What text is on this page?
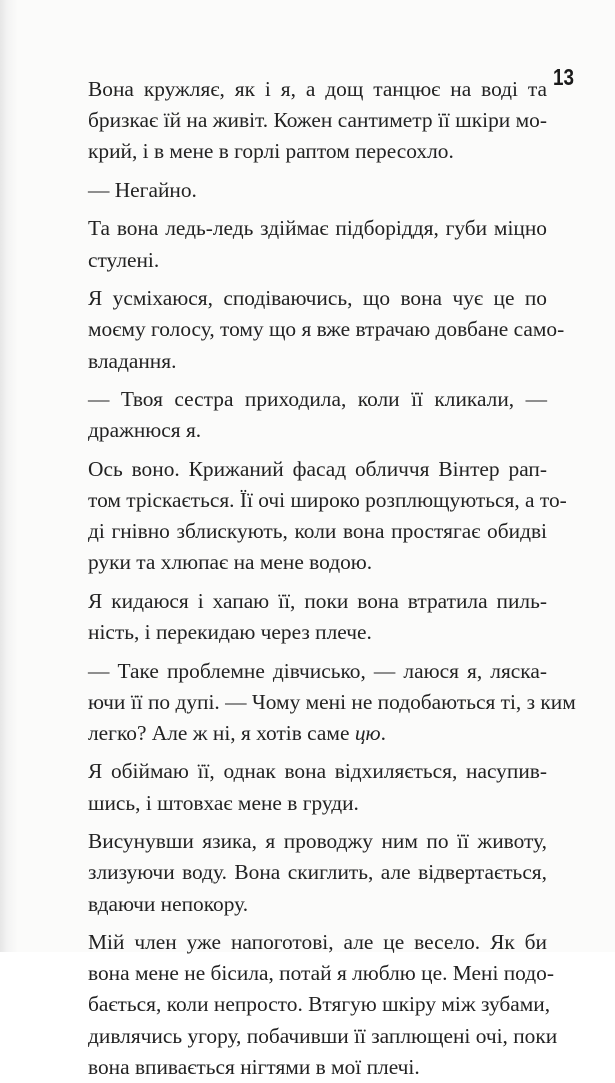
13

Вона кружляє, як і я, а дощ танцює на воді та
бризкає їй на живіт. Кожен сантиметр її шкіри мо-
крий, і в мене в горлі раптом пересохло.

— Негайно.

Та вона ледь-ледь здіймає підборіддя, губи міцно
стулені.

Я усміхаюся, сподіваючись, що вона чує це по
моєму голосу, тому що я вже втрачаю довбане само-
владання.

— Твоя сестра приходила, коли її кликали, —
дражнюся я.

Ось воно. Крижаний фасад обличчя Вінтер рап-
том тріскається. Її очі широко розплющуються, а то-
ді гнівно зблискують, коли вона простягає обидві
руки та хлюпає на мене водою.

Я кидаюся і хапаю її, поки вона втратила пиль-
ність, і перекидаю через плече.

— Таке проблемне дівчисько, — лаюся я, ляска-
ючи її по дупі. — Чому мені не подобаються ті, з ким
легко? Але ж ні, я хотів саме цю.

Я обіймаю її, однак вона відхиляється, насупив-
шись, і штовхає мене в груди.

Висунувши язика, я проводжу ним по її животу,
злизуючи воду. Вона скиглить, але відвертається,
вдаючи непокору.

Мій член уже напоготові, але це весело. Як би
вона мене не бісила, потай я люблю це. Мені подо-
бається, коли непросто. Втягую шкіру між зубами,
дивлячись угору, побачивши її заплющені очі, поки
вона впивається нігтями в мої плечі.
